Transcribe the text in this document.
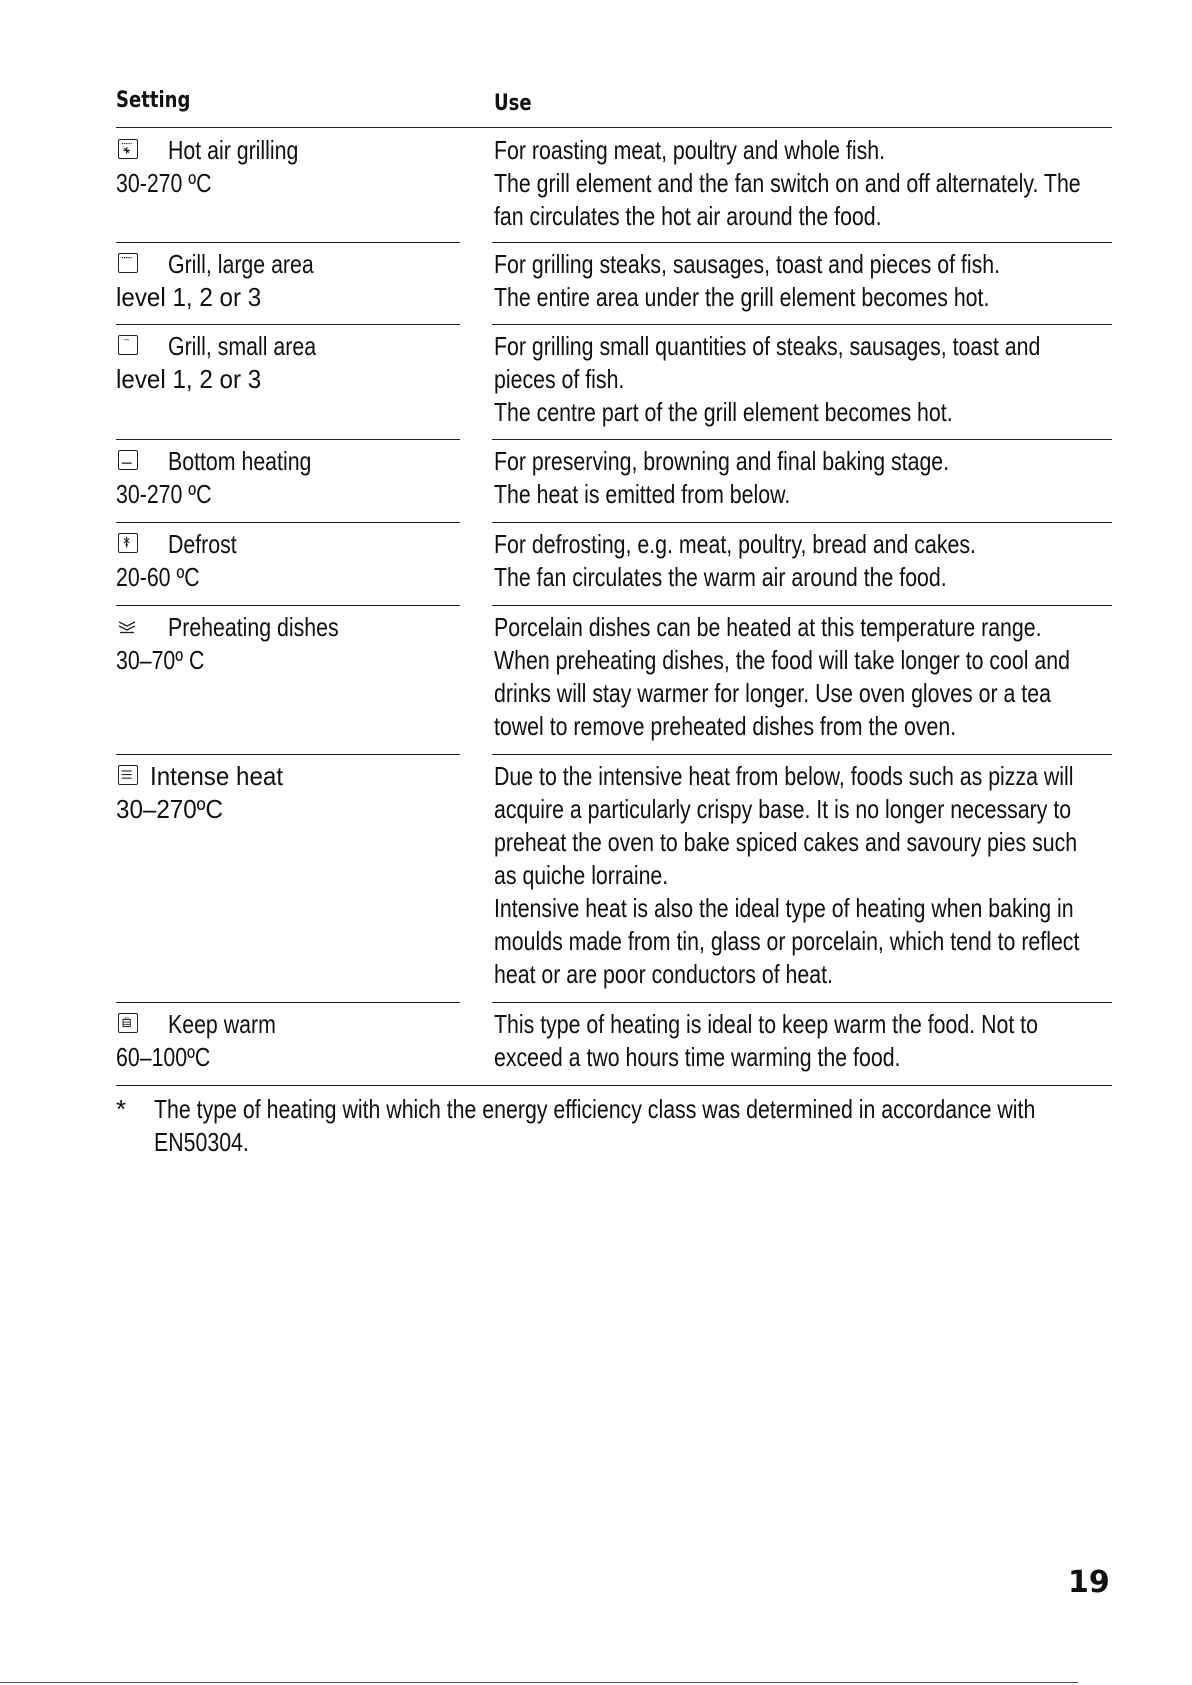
Setting	Use
Hot air grilling
30-270 ºC
For roasting meat, poultry and whole fish.
The grill element and the fan switch on and off alternately. The
fan circulates the hot air around the food.
Grill, large area
level 1, 2 or 3
For grilling steaks, sausages, toast and pieces of fish.
The entire area under the grill element becomes hot.
Grill, small area
level 1, 2 or 3
For grilling small quantities of steaks, sausages, toast and
pieces of fish.
The centre part of the grill element becomes hot.
Bottom heating
30-270 ºC
For preserving, browning and final baking stage.
The heat is emitted from below.
Defrost
20-60 ºC
For defrosting, e.g. meat, poultry, bread and cakes.
The fan circulates the warm air around the food.
Preheating dishes
30–70º C
Porcelain dishes can be heated at this temperature range.
When preheating dishes, the food will take longer to cool and
drinks will stay warmer for longer. Use oven gloves or a tea
towel to remove preheated dishes from the oven.
Intense heat
30–270ºC
Due to the intensive heat from below, foods such as pizza will
acquire a particularly crispy base. It is no longer necessary to
preheat the oven to bake spiced cakes and savoury pies such
as quiche lorraine.
Intensive heat is also the ideal type of heating when baking in
moulds made from tin, glass or porcelain, which tend to reflect
heat or are poor conductors of heat.
Keep warm
60–100ºC
This type of heating is ideal to keep warm the food. Not to
exceed a two hours time warming the food.
* The type of heating with which the energy efficiency class was determined in accordance with
EN50304.
19
